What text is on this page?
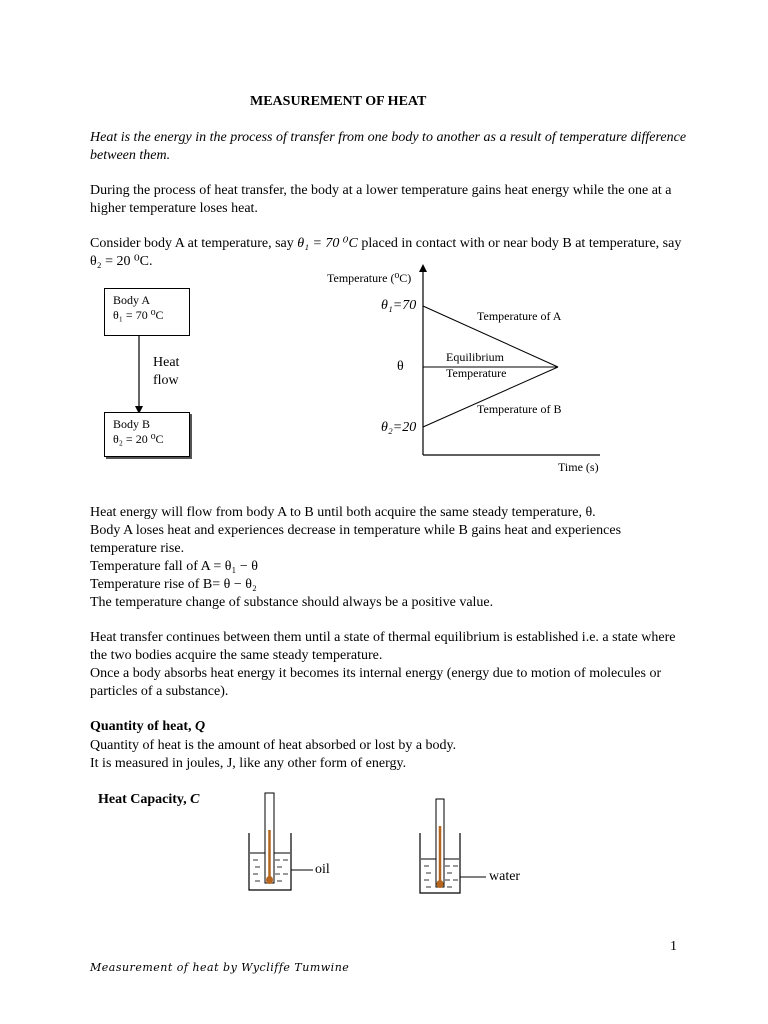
MEASUREMENT OF HEAT
Heat is the energy in the process of transfer from one body to another as a result of temperature difference between them.
During the process of heat transfer, the body at a lower temperature gains heat energy while the one at a higher temperature loses heat.
Consider body A at temperature, say θ₁ = 70 ⁰C placed in contact with or near body B at temperature, say θ₂ = 20 ⁰C.
Body A
θ₁ = 70 ⁰C
Heat
flow
Body B
θ₂ = 20 ⁰C
Temperature (⁰C)
Time (s)
θ₁=70
θ
θ₂=20
Temperature of A
Equilibrium
Temperature
Temperature of B
Heat energy will flow from body A to B until both acquire the same steady temperature, θ.
Body A loses heat and experiences decrease in temperature while B gains heat and experiences temperature rise.
Temperature fall of A = θ₁ − θ
Temperature rise of B= θ − θ₂
The temperature change of substance should always be a positive value.
Heat transfer continues between them until a state of thermal equilibrium is established i.e. a state where the two bodies acquire the same steady temperature.
Once a body absorbs heat energy it becomes its internal energy (energy due to motion of molecules or particles of a substance).
Quantity of heat, Q
Quantity of heat is the amount of heat absorbed or lost by a body.
It is measured in joules, J, like any other form of energy.
Heat Capacity, C
oil	water
1
Measurement of heat by Wycliffe Tumwine
